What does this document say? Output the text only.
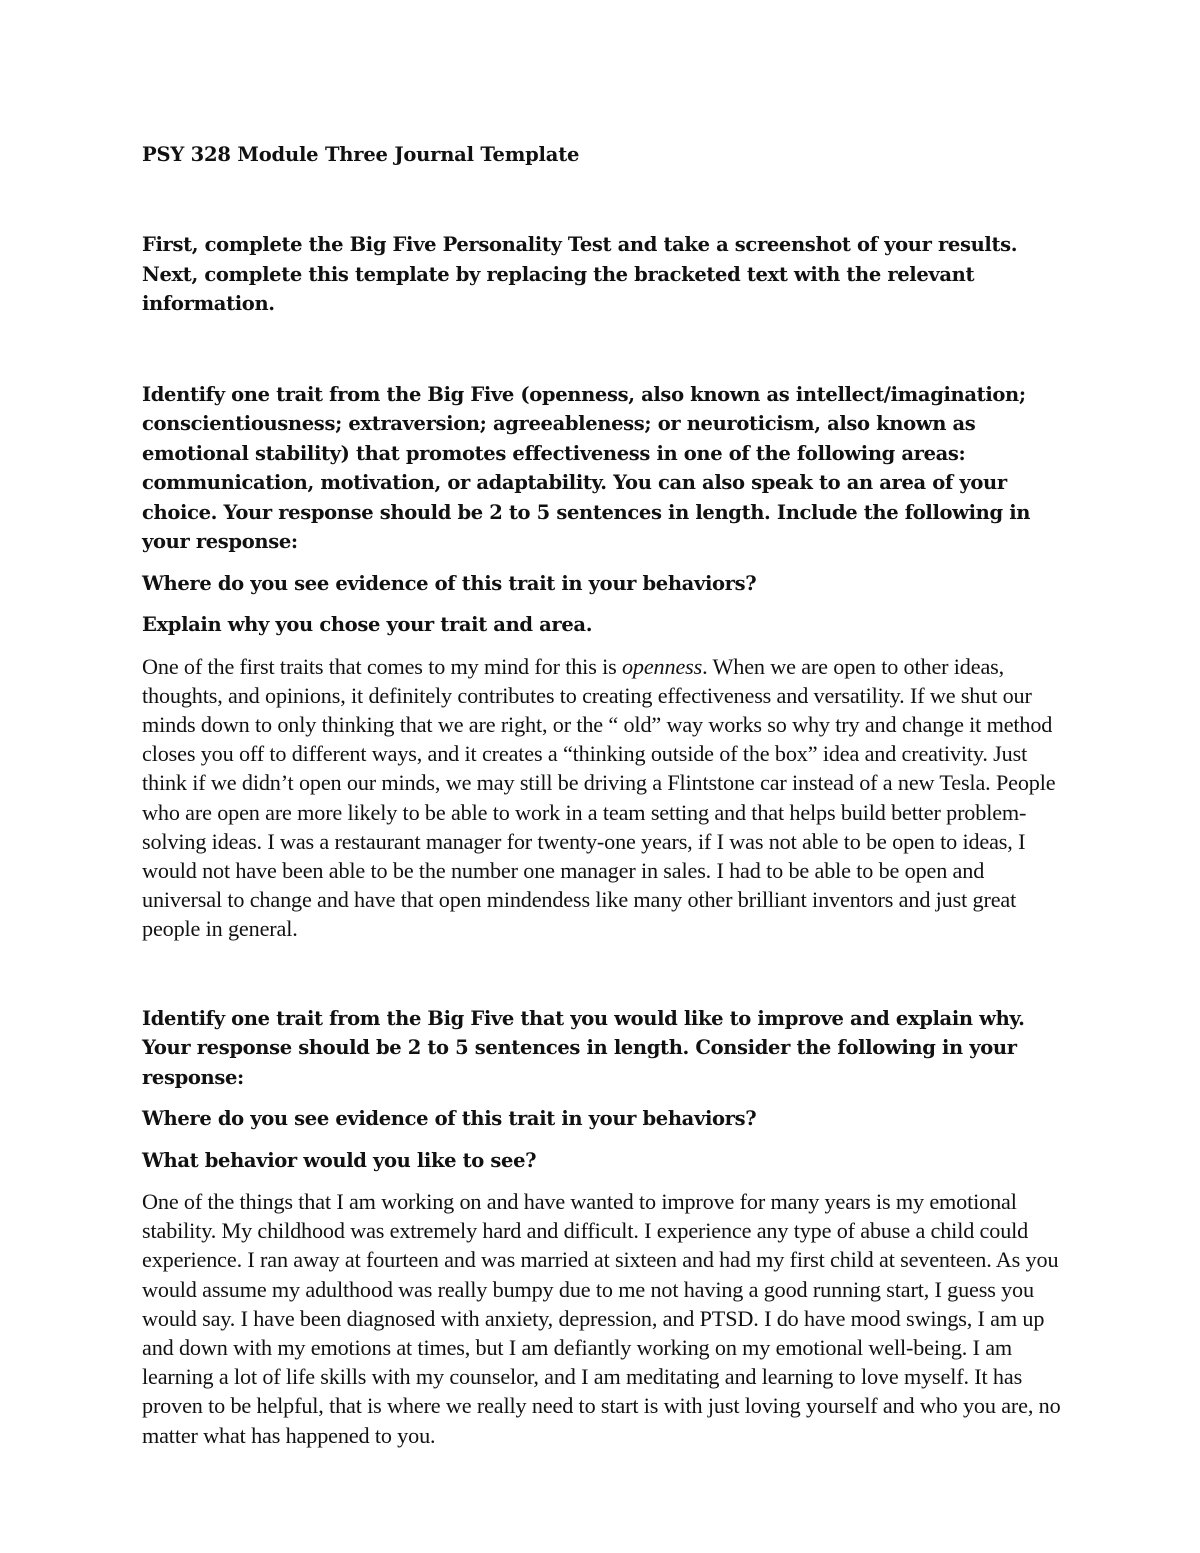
PSY 328 Module Three Journal Template

First, complete the Big Five Personality Test and take a screenshot of your results. Next, complete this template by replacing the bracketed text with the relevant information.

Identify one trait from the Big Five (openness, also known as intellect/imagination; conscientiousness; extraversion; agreeableness; or neuroticism, also known as emotional stability) that promotes effectiveness in one of the following areas: communication, motivation, or adaptability. You can also speak to an area of your choice. Your response should be 2 to 5 sentences in length. Include the following in your response:

Where do you see evidence of this trait in your behaviors?

Explain why you chose your trait and area.

One of the first traits that comes to my mind for this is openness. When we are open to other ideas, thoughts, and opinions, it definitely contributes to creating effectiveness and versatility. If we shut our minds down to only thinking that we are right, or the “ old” way works so why try and change it method closes you off to different ways, and it creates a “thinking outside of the box” idea and creativity. Just think if we didn’t open our minds, we may still be driving a Flintstone car instead of a new Tesla. People who are open are more likely to be able to work in a team setting and that helps build better problem-solving ideas. I was a restaurant manager for twenty-one years, if I was not able to be open to ideas, I would not have been able to be the number one manager in sales. I had to be able to be open and universal to change and have that open mindendess like many other brilliant inventors and just great people in general.

Identify one trait from the Big Five that you would like to improve and explain why. Your response should be 2 to 5 sentences in length. Consider the following in your response:

Where do you see evidence of this trait in your behaviors?

What behavior would you like to see?

One of the things that I am working on and have wanted to improve for many years is my emotional stability. My childhood was extremely hard and difficult. I experience any type of abuse a child could experience. I ran away at fourteen and was married at sixteen and had my first child at seventeen. As you would assume my adulthood was really bumpy due to me not having a good running start, I guess you would say. I have been diagnosed with anxiety, depression, and PTSD. I do have mood swings, I am up and down with my emotions at times, but I am defiantly working on my emotional well-being. I am learning a lot of life skills with my counselor, and I am meditating and learning to love myself. It has proven to be helpful, that is where we really need to start is with just loving yourself and who you are, no matter what has happened to you.
